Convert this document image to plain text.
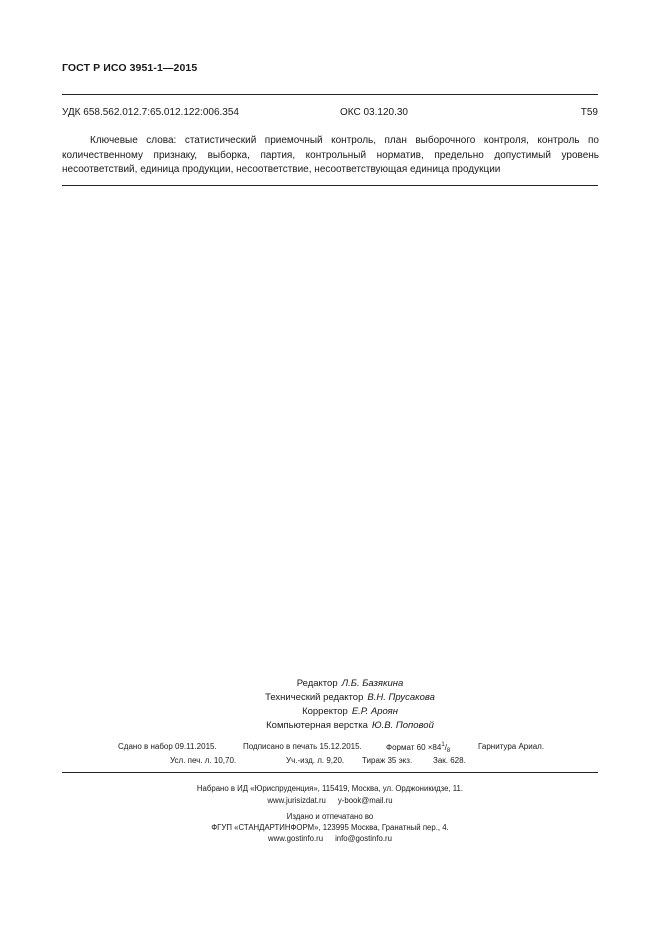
ГОСТ Р ИСО 3951-1—2015
УДК 658.562.012.7:65.012.122:006.354	ОКС 03.120.30	Т59
Ключевые слова: статистический приемочный контроль, план выборочного контроля, контроль по количественному признаку, выборка, партия, контрольный норматив, предельно допустимый уровень несоответствий, единица продукции, несоответствие, несоответствующая единица продукции
Редактор Л.Б. Базякина
Технический редактор В.Н. Прусакова
Корректор Е.Р. Ароян
Компьютерная верстка Ю.В. Поповой
Сдано в набор 09.11.2015.	Подписано в печать 15.12.2015.	Формат $60 \times 84^1/_8$	Гарнитура Ариал.
Усл. печ. л. 10,70.	Уч.-изд. л. 9,20. Тираж 35 экз.	Зак. 628.
Набрано в ИД «Юриспруденция», 115419, Москва, ул. Орджоникидзе, 11.
www.jurisizdat.ru y-book@mail.ru
Издано и отпечатано во
ФГУП «СТАНДАРТИНФОРМ», 123995 Москва, Гранатный пер., 4.
www.gostinfo.ru info@gostinfo.ru
